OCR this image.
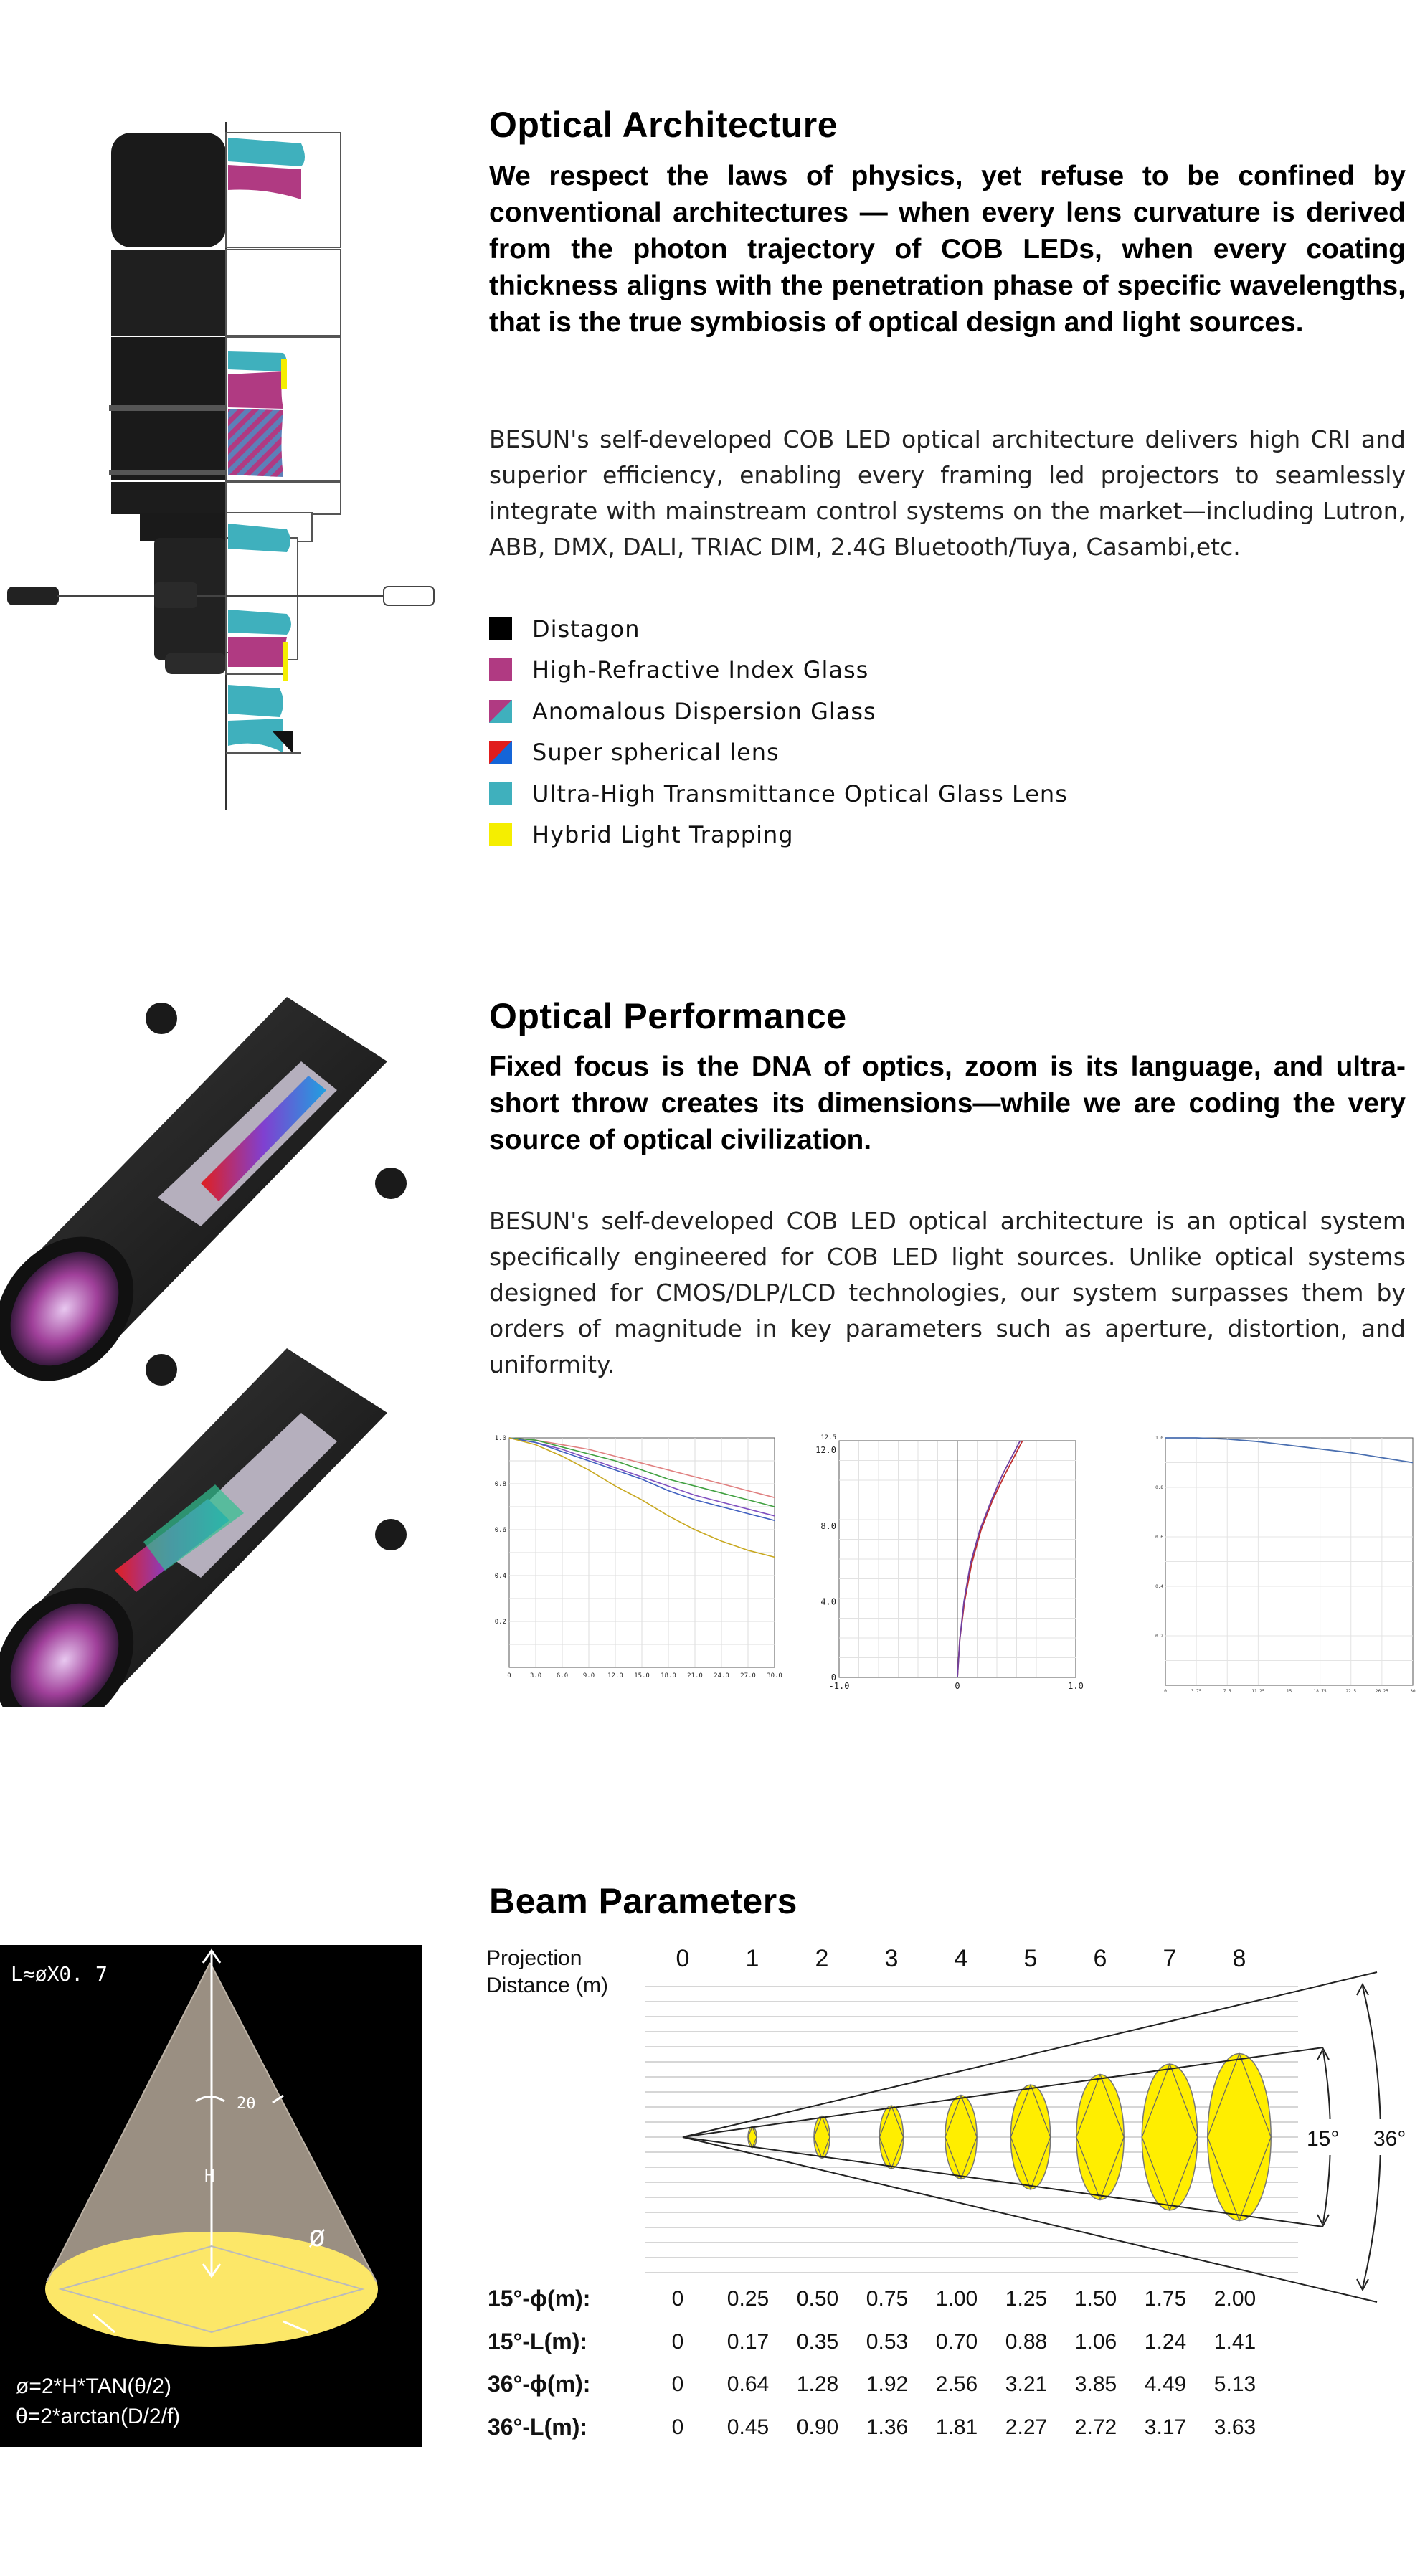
Optical Architecture

We respect the laws of physics, yet refuse to be confined by conventional architectures — when every lens curvature is derived from the photon trajectory of COB LEDs, when every coating thickness aligns with the penetration phase of specific wavelengths, that is the true symbiosis of optical design and light sources.

BESUN's self-developed COB LED optical architecture delivers high CRI and superior efficiency, enabling every framing led projectors to seamlessly integrate with mainstream control systems on the market—including Lutron, ABB, DMX, DALI, TRIAC DIM, 2.4G Bluetooth/Tuya, Casambi,etc.

Distagon
High-Refractive Index Glass
Anomalous Dispersion Glass
Super spherical lens
Ultra-High Transmittance Optical Glass Lens
Hybrid Light Trapping
Optical Performance

Fixed focus is the DNA of optics, zoom is its language, and ultra-short throw creates its dimensions—while we are coding the very source of optical civilization.

BESUN's self-developed COB LED optical architecture is an optical system specifically engineered for COB LED light sources. Unlike optical systems designed for CMOS/DLP/LCD technologies, our system surpasses them by orders of magnitude in key parameters such as aperture, distortion, and uniformity.

0	3.0 6.0 9.0 12.0 15.0 18.0 21.0 24.0 27.0 30.0
1.0
0.8
0.6
0.4
0.2
-1.0	0	1.0
12.5
12.0
8.0
4.0
0
0	3.75	7.5	11.25	15	18.75	22.5	26.25	30
1.0
0.8
0.6
0.4
0.2
L≈øX0. 7
2θ
H
ø
ø=2*H*TAN(θ/2)
θ=2*arctan(D/2/f)
Beam Parameters
Projection
Distance (m)
0 1 2 3 4 5 6 7 8
15° 36°
15°-ϕ(m):	0	0.25	0.50	0.75	1.00	1.25	1.50	1.75	2.00
15°-L(m):	0	0.17	0.35	0.53	0.70	0.88	1.06	1.24	1.41
36°-ϕ(m):	0	0.64	1.28	1.92	2.56	3.21	3.85	4.49	5.13
36°-L(m):	0	0.45	0.90	1.36	1.81	2.27	2.72	3.17	3.63
